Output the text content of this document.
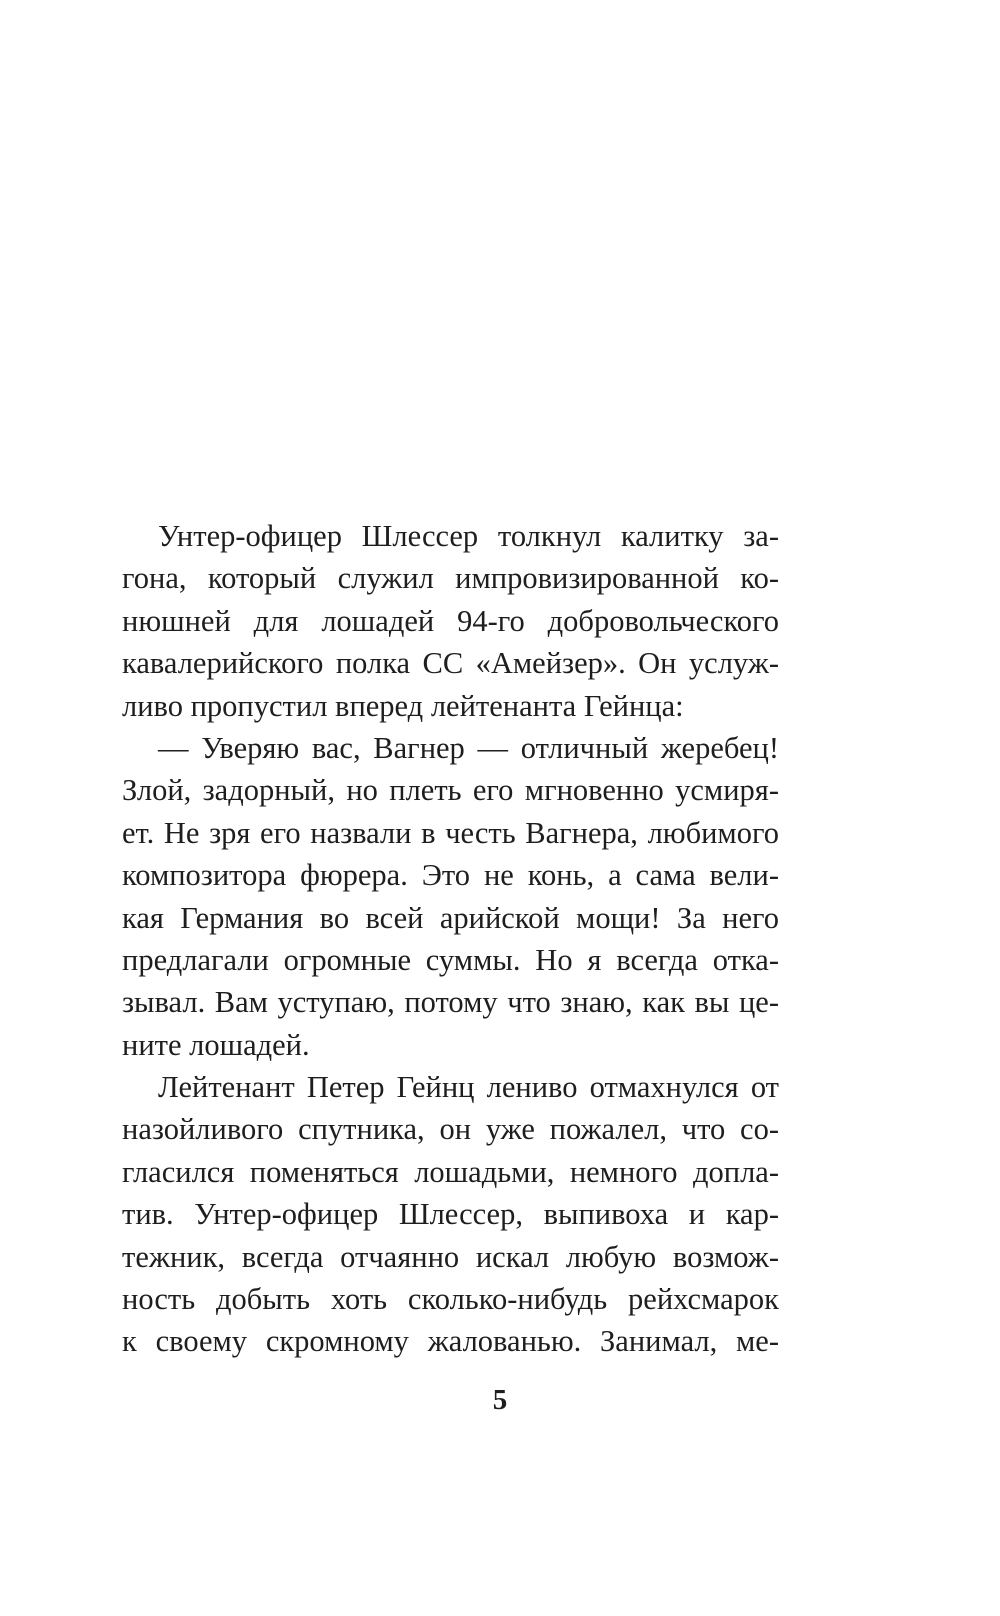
Унтер-офицер Шлессер толкнул калитку за-
гона, который служил импровизированной ко-
нюшней для лошадей 94-го добровольческого
кавалерийского полка СС «Амейзер». Он услуж-
ливо пропустил вперед лейтенанта Гейнца:
— Уверяю вас, Вагнер — отличный жеребец!
Злой, задорный, но плеть его мгновенно усмиря-
ет. Не зря его назвали в честь Вагнера, любимого
композитора фюрера. Это не конь, а сама вели-
кая Германия во всей арийской мощи! За него
предлагали огромные суммы. Но я всегда отка-
зывал. Вам уступаю, потому что знаю, как вы це-
ните лошадей.
Лейтенант Петер Гейнц лениво отмахнулся от
назойливого спутника, он уже пожалел, что со-
гласился поменяться лошадьми, немного допла-
тив. Унтер-офицер Шлессер, выпивоха и кар-
тежник, всегда отчаянно искал любую возмож-
ность добыть хоть сколько-нибудь рейхсмарок
к своему скромному жалованью. Занимал, ме-
5
